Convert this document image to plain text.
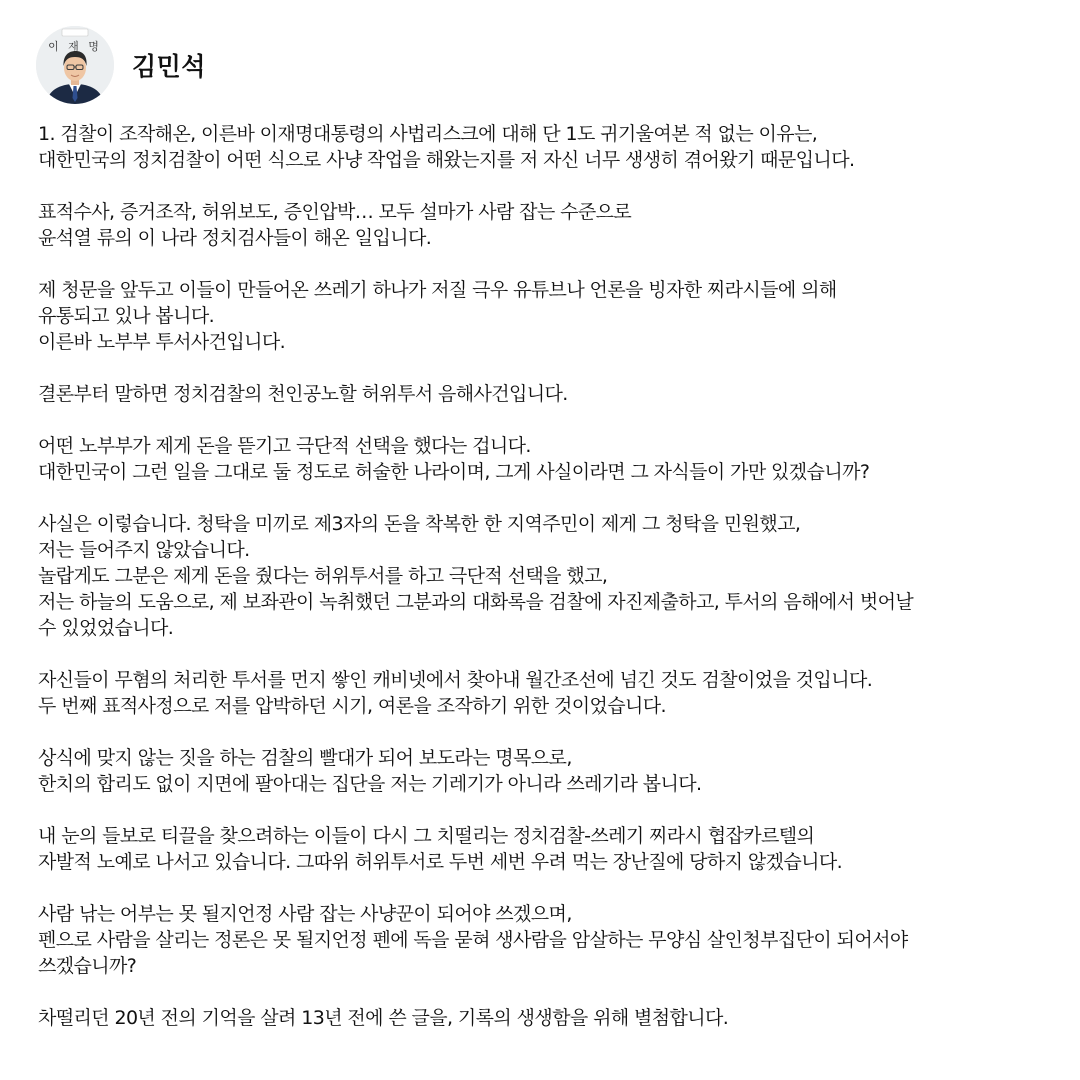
이 재 명
김민석

1. 검찰이 조작해온, 이른바 이재명대통령의 사법리스크에 대해 단 1도 귀기울여본 적 없는 이유는,
대한민국의 정치검찰이 어떤 식으로 사냥 작업을 해왔는지를 저 자신 너무 생생히 겪어왔기 때문입니다.

표적수사, 증거조작, 허위보도, 증인압박… 모두 설마가 사람 잡는 수준으로
윤석열 류의 이 나라 정치검사들이 해온 일입니다.

제 청문을 앞두고 이들이 만들어온 쓰레기 하나가 저질 극우 유튜브나 언론을 빙자한 찌라시들에 의해
유통되고 있나 봅니다.
이른바 노부부 투서사건입니다.

결론부터 말하면 정치검찰의 천인공노할 허위투서 음해사건입니다.

어떤 노부부가 제게 돈을 뜯기고 극단적 선택을 했다는 겁니다.
대한민국이 그런 일을 그대로 둘 정도로 허술한 나라이며, 그게 사실이라면 그 자식들이 가만 있겠습니까?

사실은 이렇습니다. 청탁을 미끼로 제3자의 돈을 착복한 한 지역주민이 제게 그 청탁을 민원했고,
저는 들어주지 않았습니다.
놀랍게도 그분은 제게 돈을 줬다는 허위투서를 하고 극단적 선택을 했고,
저는 하늘의 도움으로, 제 보좌관이 녹취했던 그분과의 대화록을 검찰에 자진제출하고, 투서의 음해에서 벗어날
수 있었었습니다.

자신들이 무혐의 처리한 투서를 먼지 쌓인 캐비넷에서 찾아내 월간조선에 넘긴 것도 검찰이었을 것입니다.
두 번째 표적사정으로 저를 압박하던 시기, 여론을 조작하기 위한 것이었습니다.

상식에 맞지 않는 짓을 하는 검찰의 빨대가 되어 보도라는 명목으로,
한치의 합리도 없이 지면에 팔아대는 집단을 저는 기레기가 아니라 쓰레기라 봅니다.

내 눈의 들보로 티끌을 찾으려하는 이들이 다시 그 치떨리는 정치검찰-쓰레기 찌라시 협잡카르텔의
자발적 노예로 나서고 있습니다. 그따위 허위투서로 두번 세번 우려 먹는 장난질에 당하지 않겠습니다.

사람 낚는 어부는 못 될지언정 사람 잡는 사냥꾼이 되어야 쓰겠으며,
펜으로 사람을 살리는 정론은 못 될지언정 펜에 독을 묻혀 생사람을 암살하는 무양심 살인청부집단이 되어서야
쓰겠습니까?

차떨리던 20년 전의 기억을 살려 13년 전에 쓴 글을, 기록의 생생함을 위해 별첨합니다.
